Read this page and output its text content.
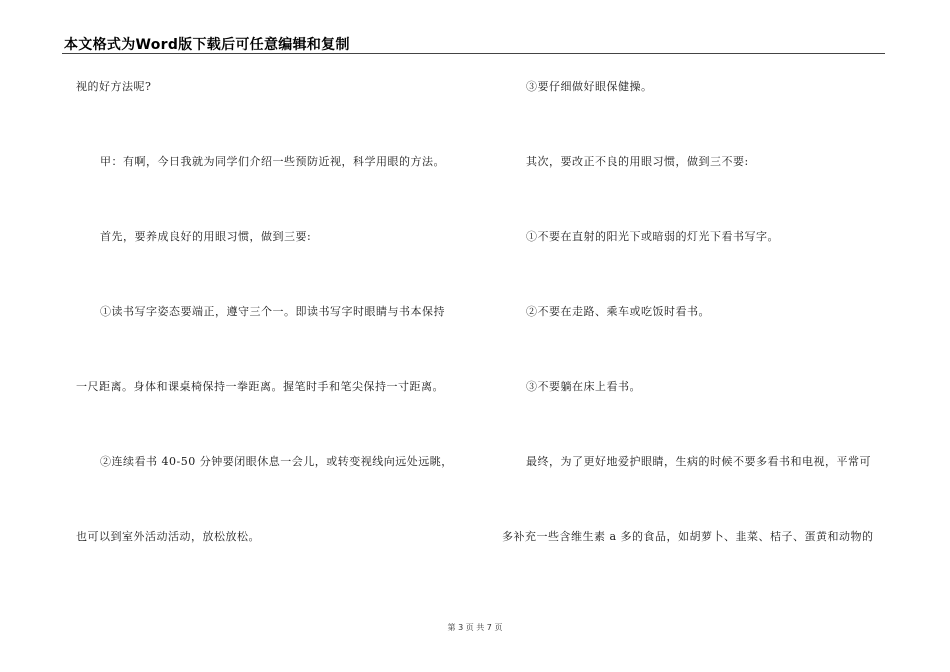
本文格式为Word版下载后可任意编辑和复制
视的好方法呢?
甲：有啊，今日我就为同学们介绍一些预防近视，科学用眼的方法。
首先，要养成良好的用眼习惯，做到三要:
①读书写字姿态要端正，遵守三个一。即读书写字时眼睛与书本保持
一尺距离。身体和课桌椅保持一拳距离。握笔时手和笔尖保持一寸距离。
②连续看书 40-50 分钟要闭眼休息一会儿，或转变视线向远处远眺，
也可以到室外活动活动，放松放松。
③要仔细做好眼保健操。
其次，要改正不良的用眼习惯，做到三不要:
①不要在直射的阳光下或暗弱的灯光下看书写字。
②不要在走路、乘车或吃饭时看书。
③不要躺在床上看书。
最终，为了更好地爱护眼睛，生病的时候不要多看书和电视，平常可
多补充一些含维生素 a 多的食品，如胡萝卜、韭菜、桔子、蛋黄和动物的
第 3 页 共 7 页
